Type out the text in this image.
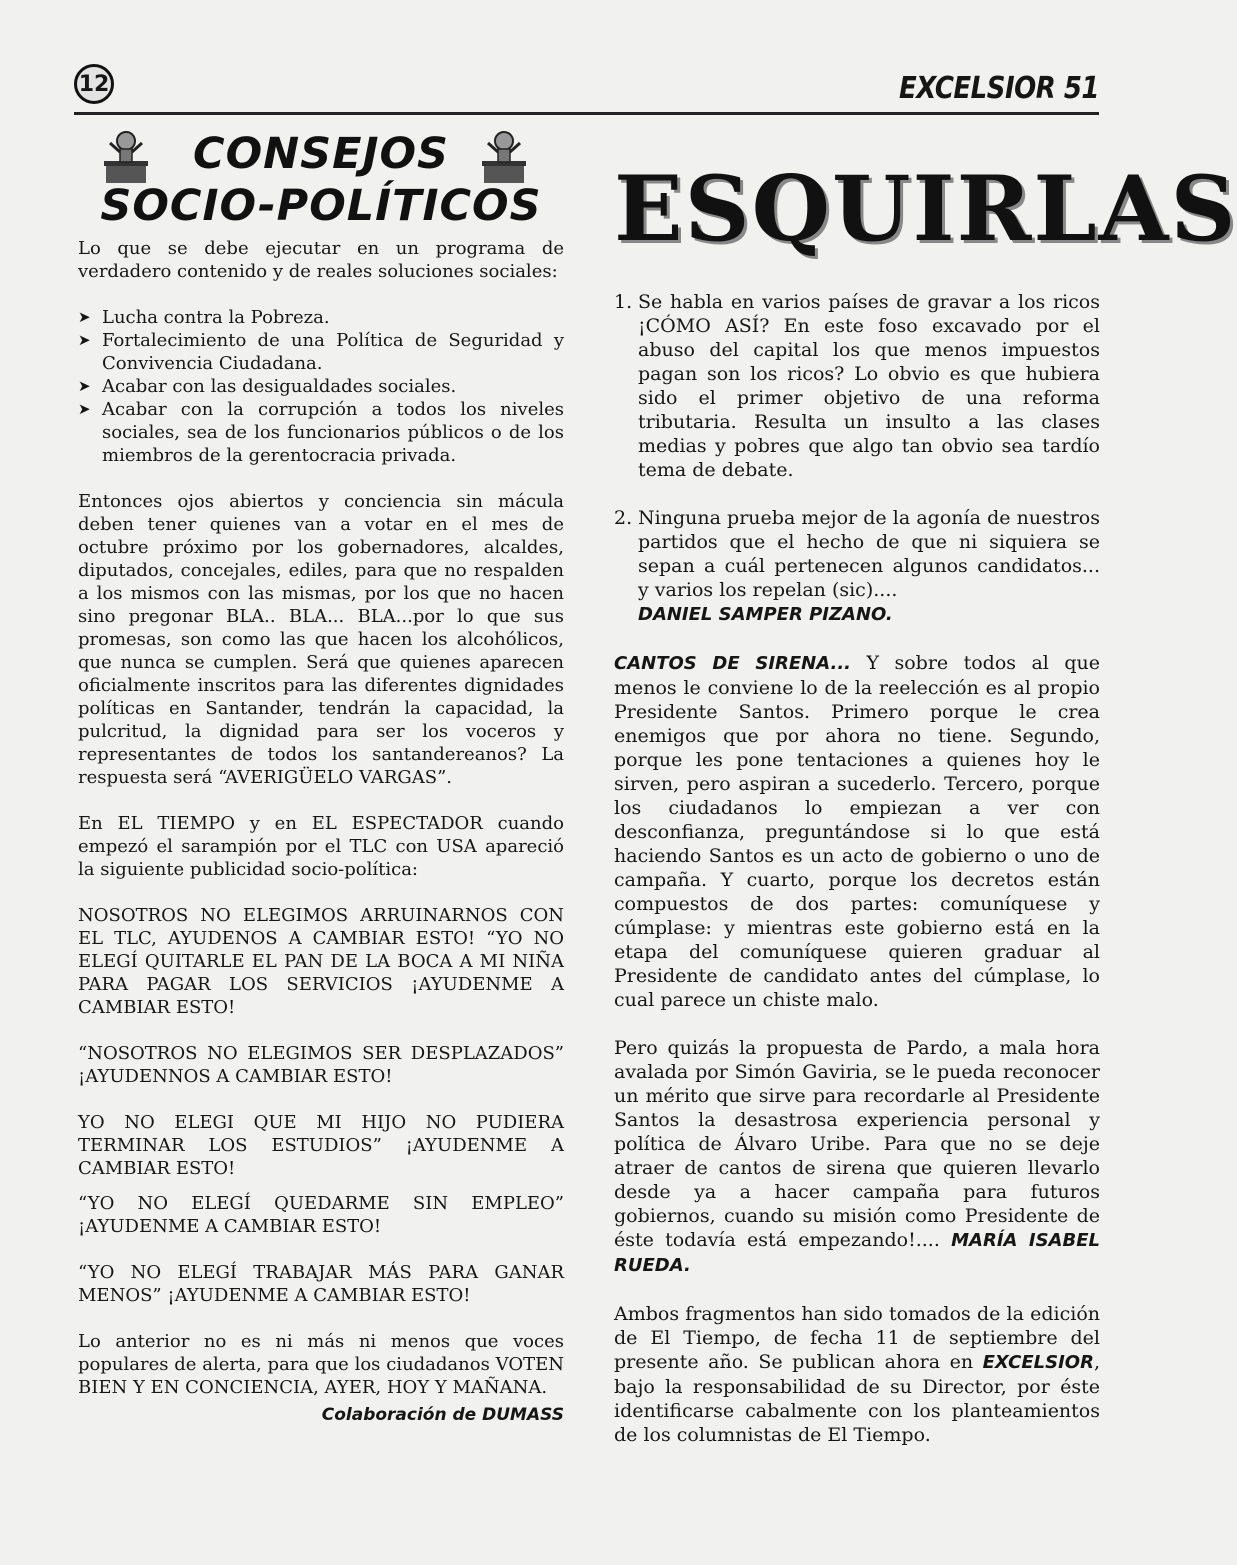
12	EXCELSIOR 51
CONSEJOS
SOCIO-POLÍTICOS

Lo que se debe ejecutar en un programa de verdadero contenido y de reales soluciones sociales:

➤ Lucha contra la Pobreza.
➤ Fortalecimiento de una Política de Seguridad y Convivencia Ciudadana.
➤ Acabar con las desigualdades sociales.
➤ Acabar con la corrupción a todos los niveles sociales, sea de los funcionarios públicos o de los miembros de la gerentocracia privada.

Entonces ojos abiertos y conciencia sin mácula deben tener quienes van a votar en el mes de octubre próximo por los gobernadores, alcaldes, diputados, concejales, ediles, para que no respalden a los mismos con las mismas, por los que no hacen sino pregonar BLA.. BLA... BLA...por lo que sus promesas, son como las que hacen los alcohólicos, que nunca se cumplen. Será que quienes aparecen oficialmente inscritos para las diferentes dignidades políticas en Santander, tendrán la capacidad, la pulcritud, la dignidad para ser los voceros y representantes de todos los santandereanos? La respuesta será “AVERIGÜELO VARGAS”.

En EL TIEMPO y en EL ESPECTADOR cuando empezó el sarampión por el TLC con USA apareció la siguiente publicidad socio-política:

NOSOTROS NO ELEGIMOS ARRUINARNOS CON EL TLC, AYUDENOS A CAMBIAR ESTO! “YO NO ELEGÍ QUITARLE EL PAN DE LA BOCA A MI NIÑA PARA PAGAR LOS SERVICIOS ¡AYUDENME A CAMBIAR ESTO!

“NOSOTROS NO ELEGIMOS SER DESPLAZADOS” ¡AYUDENNOS A CAMBIAR ESTO!

YO NO ELEGI QUE MI HIJO NO PUDIERA TERMINAR LOS ESTUDIOS” ¡AYUDENME A CAMBIAR ESTO!

“YO NO ELEGÍ QUEDARME SIN EMPLEO” ¡AYUDENME A CAMBIAR ESTO!

“YO NO ELEGÍ TRABAJAR MÁS PARA GANAR MENOS” ¡AYUDENME A CAMBIAR ESTO!

Lo anterior no es ni más ni menos que voces populares de alerta, para que los ciudadanos VOTEN BIEN Y EN CONCIENCIA, AYER, HOY Y MAÑANA.

Colaboración de DUMASS
ESQUIRLAS
1. Se habla en varios países de gravar a los ricos ¡CÓMO ASÍ? En este foso excavado por el abuso del capital los que menos impuestos pagan son los ricos? Lo obvio es que hubiera sido el primer objetivo de una reforma tributaria. Resulta un insulto a las clases medias y pobres que algo tan obvio sea tardío tema de debate.
2. Ninguna prueba mejor de la agonía de nuestros partidos que el hecho de que ni siquiera se sepan a cuál pertenecen algunos candidatos... y varios los repelan (sic)....
DANIEL SAMPER PIZANO.

CANTOS DE SIRENA... Y sobre todos al que menos le conviene lo de la reelección es al propio Presidente Santos. Primero porque le crea enemigos que por ahora no tiene. Segundo, porque les pone tentaciones a quienes hoy le sirven, pero aspiran a sucederlo. Tercero, porque los ciudadanos lo empiezan a ver con desconfianza, preguntándose si lo que está haciendo Santos es un acto de gobierno o uno de campaña. Y cuarto, porque los decretos están compuestos de dos partes: comuníquese y cúmplase: y mientras este gobierno está en la etapa del comuníquese quieren graduar al Presidente de candidato antes del cúmplase, lo cual parece un chiste malo.

Pero quizás la propuesta de Pardo, a mala hora avalada por Simón Gaviria, se le pueda reconocer un mérito que sirve para recordarle al Presidente Santos la desastrosa experiencia personal y política de Álvaro Uribe. Para que no se deje atraer de cantos de sirena que quieren llevarlo desde ya a hacer campaña para futuros gobiernos, cuando su misión como Presidente de éste todavía está empezando!.... MARÍA ISABEL RUEDA.

Ambos fragmentos han sido tomados de la edición de El Tiempo, de fecha 11 de septiembre del presente año. Se publican ahora en EXCELSIOR, bajo la responsabilidad de su Director, por éste identificarse cabalmente con los planteamientos de los columnistas de El Tiempo.
